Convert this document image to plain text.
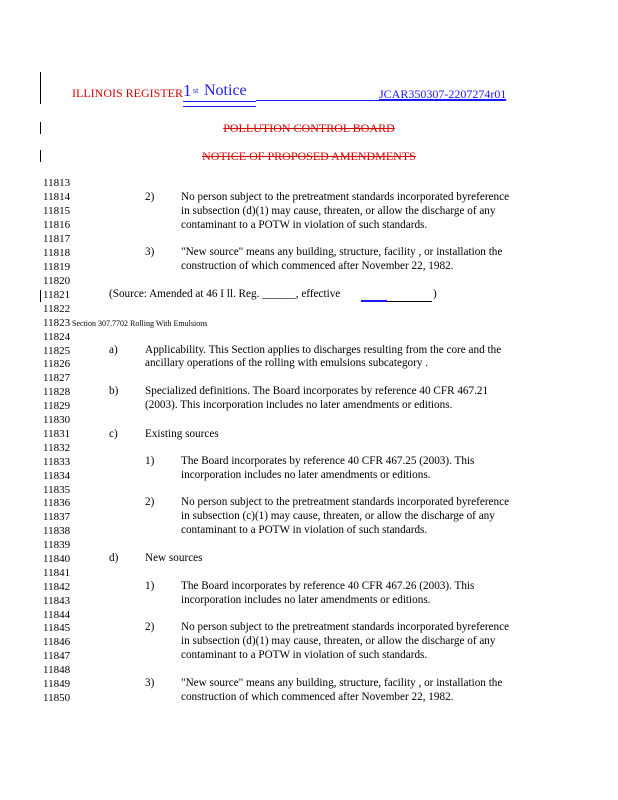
ILLINOIS REGISTER 1 st Notice	JCAR350307-2207274r01
POLLUTION CONTROL BOARD
NOTICE OF PROPOSED AMENDMENTS
11813
11814
11815
11816
11817
11818
11819
11820
11821
11822
11823
11824
11825
11826
11827
11828
11829
11830
11831
11832
11833
11834
11835
11836
11837
11838
11839
11840
11841
11842
11843
11844
11845
11846
11847
11848
11849
11850
2) No person subject to the pretreatment standards incorporated byreference
in subsection (d)(1) may cause, threaten, or allow the discharge of any
contaminant to a POTW in violation of such standards.
3) "New source" means any building, structure, facility , or installation the
construction of which commenced after November 22, 1982.
(Source: Amended at 46 I ll. Reg. ______, effective	)
Section 307.7702 Rolling With Emulsions
a) Applicability. This Section applies to discharges resulting from the core and the
ancillary operations of the rolling with emulsions subcategory .
b) Specialized definitions. The Board incorporates by reference 40 CFR 467.21
(2003). This incorporation includes no later amendments or editions.
c) Existing sources
1) The Board incorporates by reference 40 CFR 467.25 (2003). This
incorporation includes no later amendments or editions.
2) No person subject to the pretreatment standards incorporated byreference
in subsection (c)(1) may cause, threaten, or allow the discharge of any
contaminant to a POTW in violation of such standards.
d) New sources
1) The Board incorporates by reference 40 CFR 467.26 (2003). This
incorporation includes no later amendments or editions.
2) No person subject to the pretreatment standards incorporated byreference
in subsection (d)(1) may cause, threaten, or allow the discharge of any
contaminant to a POTW in violation of such standards.
3) "New source" means any building, structure, facility , or installation the
construction of which commenced after November 22, 1982.
